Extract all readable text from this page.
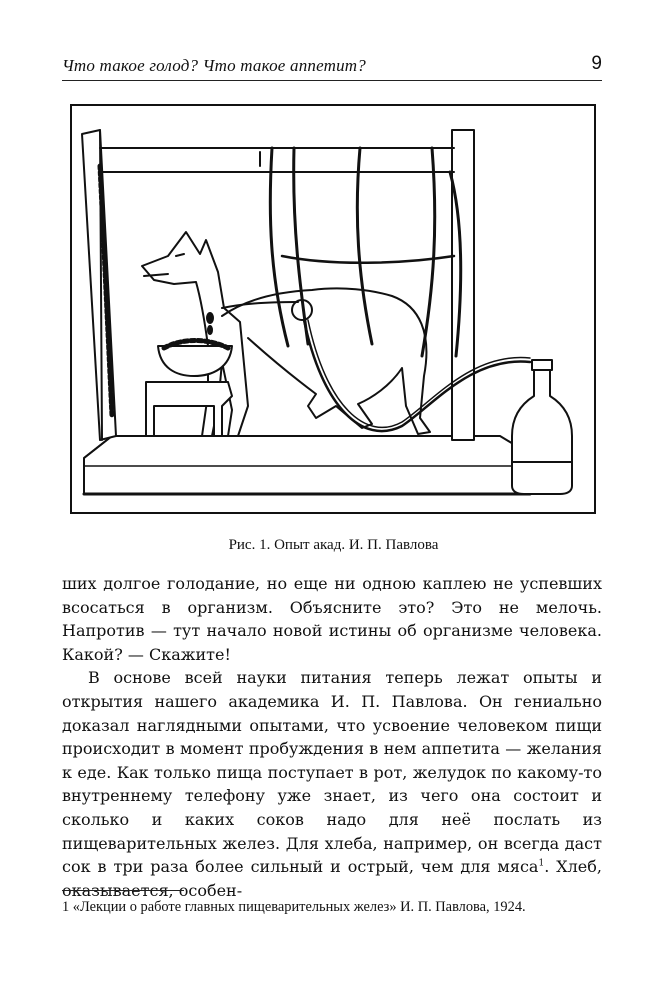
Что такое голод? Что такое аппетит?	9
Рис. 1. Опыт акад. И. П. Павлова

ших долгое голодание, но еще ни одною каплею не успевших всосаться в организм. Объясните это? Это не мелочь. Напротив — тут начало новой истины об организме человека. Какой? — Скажите!

В основе всей науки питания теперь лежат опыты и открытия нашего академика И. П. Павлова. Он гениально доказал наглядными опытами, что усвоение человеком пищи происходит в момент пробуждения в нем аппетита — желания к еде. Как только пища поступает в рот, желудок по какому-то внутреннему телефону уже знает, из чего она состоит и сколько и каких соков надо для неё послать из пищеварительных желез. Для хлеба, например, он всегда даст сок в три раза более сильный и острый, чем для мяса$^1$. Хлеб, оказывается, особен-

1 «Лекции о работе главных пищеварительных желез» И. П. Павлова, 1924.
